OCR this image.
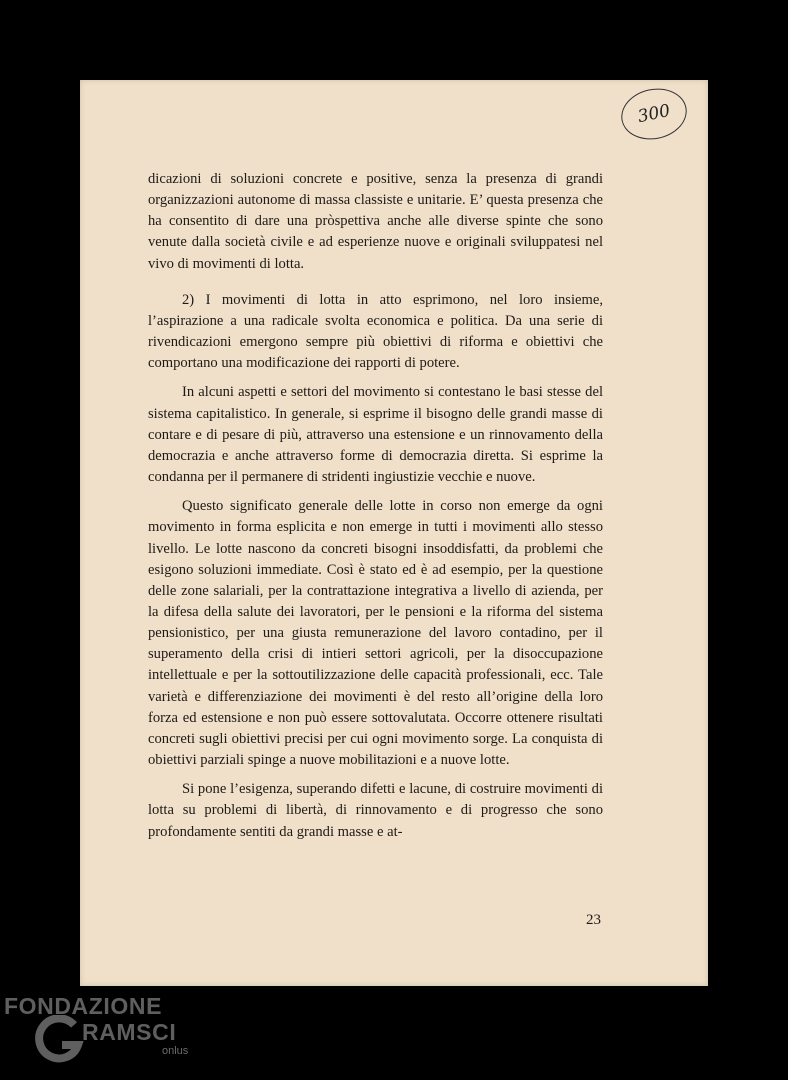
300

dicazioni di soluzioni concrete e positive, senza la presenza di grandi organizzazioni autonome di massa classiste e unitarie. E’ questa presenza che ha consentito di dare una pròspettiva anche alle diverse spinte che sono venute dalla società civile e ad esperienze nuove e originali sviluppatesi nel vivo di movimenti di lotta.

2) I movimenti di lotta in atto esprimono, nel loro insieme, l’aspirazione a una radicale svolta economica e politica. Da una serie di rivendicazioni emergono sempre più obiettivi di riforma e obiettivi che comportano una modificazione dei rapporti di potere.

In alcuni aspetti e settori del movimento si contestano le basi stesse del sistema capitalistico. In generale, si esprime il bisogno delle grandi masse di contare e di pesare di più, attraverso una estensione e un rinnovamento della democrazia e anche attraverso forme di democrazia diretta. Si esprime la condanna per il permanere di stridenti ingiustizie vecchie e nuove.

Questo significato generale delle lotte in corso non emerge da ogni movimento in forma esplicita e non emerge in tutti i movimenti allo stesso livello. Le lotte nascono da concreti bisogni insoddisfatti, da problemi che esigono soluzioni immediate. Così è stato ed è ad esempio, per la questione delle zone salariali, per la contrattazione integrativa a livello di azienda, per la difesa della salute dei lavoratori, per le pensioni e la riforma del sistema pensionistico, per una giusta remunerazione del lavoro contadino, per il superamento della crisi di intieri settori agricoli, per la disoccupazione intellettuale e per la sottoutilizzazione delle capacità professionali, ecc. Tale varietà e differenziazione dei movimenti è del resto all’origine della loro forza ed estensione e non può essere sottovalutata. Occorre ottenere risultati concreti sugli obiettivi precisi per cui ogni movimento sorge. La conquista di obiettivi parziali spinge a nuove mobilitazioni e a nuove lotte.

Si pone l’esigenza, superando difetti e lacune, di costruire movimenti di lotta su problemi di libertà, di rinnovamento e di progresso che sono profondamente sentiti da grandi masse e at-

23
FONDAZIONE
RAMSCI
onlus
